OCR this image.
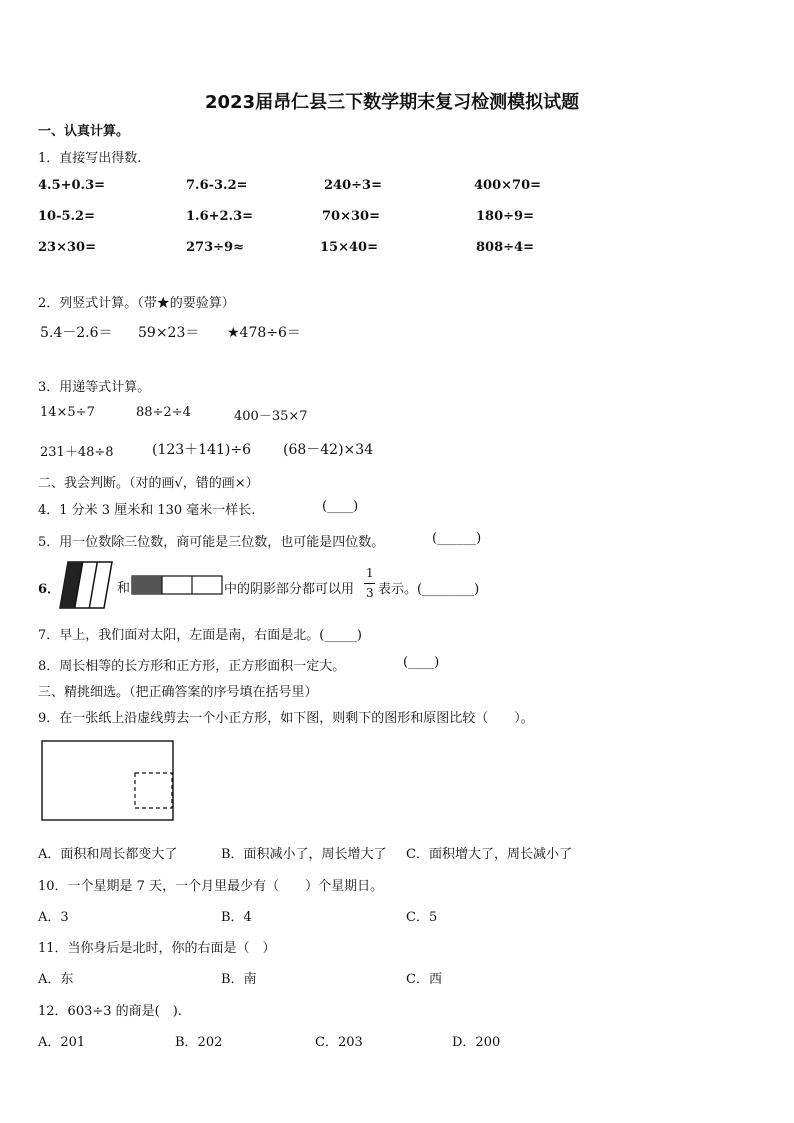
2023届昂仁县三下数学期末复习检测模拟试题
一、认真计算。
1．直接写出得数.
4.5+0.3=	7.6-3.2=	240÷3=	400×70=
10-5.2=	1.6+2.3=	70×30=	180÷9=
23×30=	273÷9≈	15×40=	808÷4=
2．列竖式计算。（带★的要验算）
5.4－2.6＝ 59×23＝ ★478÷6＝
3．用递等式计算。
14×5÷7	88÷2÷4	400－35×7
231＋48÷8	(123＋141)÷6 (68－42)×34
二、我会判断。（对的画√，错的画×）
4．1 分米 3 厘米和 130 毫米一样长.	(____)
5．用一位数除三位数，商可能是三位数，也可能是四位数。	(______)
6．	和	中的阴影部分都可以用
1
3 表示。(________)
7．早上，我们面对太阳，左面是南，右面是北。(_____)
8．周长相等的长方形和正方形，正方形面积一定大。	(____)
三、精挑细选。（把正确答案的序号填在括号里）
9．在一张纸上沿虚线剪去一个小正方形，如下图，则剩下的图形和原图比较（　　）。
A．面积和周长都变大了	B．面积减小了，周长增大了 C．面积增大了，周长减小了
10．一个星期是 7 天，一个月里最少有（　　）个星期日。
A．3	B．4	C．5
11．当你身后是北时，你的右面是（　）
A．东	B．南	C．西
12．603÷3 的商是(　).
A．201	B．202	C．203	D．200
